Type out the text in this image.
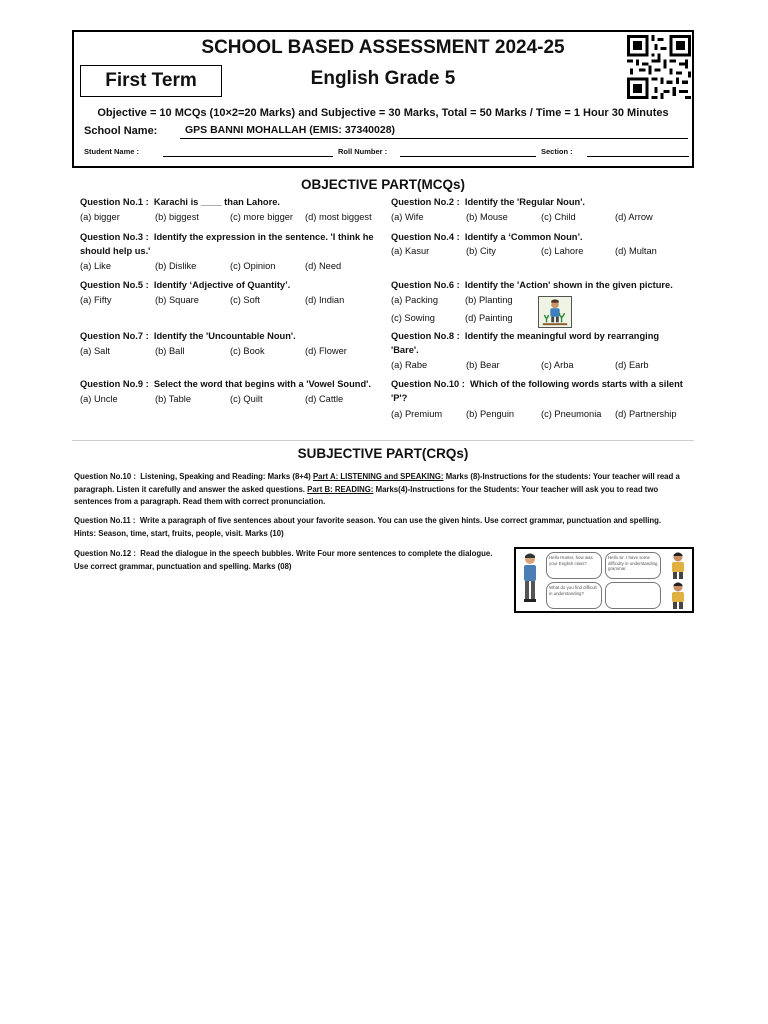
SCHOOL BASED ASSESSMENT 2024-25
English Grade 5
First Term
Objective = 10 MCQs (10×2=20 Marks) and Subjective = 30 Marks, Total = 50 Marks / Time = 1 Hour 30 Minutes
School Name:	GPS BANNI MOHALLAH (EMIS: 37340028)
Student Name :	Roll Number :	Section :
OBJECTIVE PART(MCQs)
Question No.1 : Karachi is ____ than Lahore.
(a) bigger	(b) biggest	(c) more bigger (d) most biggest
Question No.2 : Identify the 'Regular Noun'.
(a) Wife	(b) Mouse	(c) Child	(d) Arrow
Question No.3 : Identify the expression in the sentence. 'I think he
should help us.'
(a) Like	(b) Dislike	(c) Opinion	(d) Need
Question No.4 : Identify a ‘Common Noun’.
(a) Kasur	(b) City	(c) Lahore	(d) Multan
Question No.5 : Identify ‘Adjective of Quantity’.
(a) Fifty	(b) Square	(c) Soft	(d) Indian
Question No.6 : Identify the 'Action' shown in the given picture.
(a) Packing	(b) Planting
(c) Sowing	(d) Painting
Question No.7 : Identify the 'Uncountable Noun'.
(a) Salt	(b) Ball	(c) Book	(d) Flower
Question No.8 : Identify the meaningful word by rearranging
'Bare'.
(a) Rabe	(b) Bear	(c) Arba	(d) Earb
Question No.9 : Select the word that begins with a 'Vowel Sound'.
(a) Uncle	(b) Table	(c) Quilt	(d) Cattle
Question No.10 : Which of the following words starts with a silent
'P'?
(a) Premium	(b) Penguin	(c) Pneumonia (d) Partnership
SUBJECTIVE PART(CRQs)
Question No.10 : Listening, Speaking and Reading: Marks (8+4) Part A: LISTENING and SPEAKING: Marks (8)-Instructions for the students: Your teacher will read a
paragraph. Listen it carefully and answer the asked questions. Part B: READING: Marks(4)-Instructions for the Students: Your teacher will ask you to read two
sentences from a paragraph. Read them with correct pronunciation.
Question No.11 : Write a paragraph of five sentences about your favorite season. You can use the given hints. Use correct grammar, punctuation and spelling.
Hints: Season, time, start, fruits, people, visit. Marks (10)
Question No.12 : Read the dialogue in the speech bubbles. Write Four more sentences to complete the dialogue.
Use correct grammar, punctuation and spelling. Marks (08)
Hello Hunter, how was your English class?
Hello sir. I have some difficulty in understanding grammar.
What do you find difficult in understanding?
